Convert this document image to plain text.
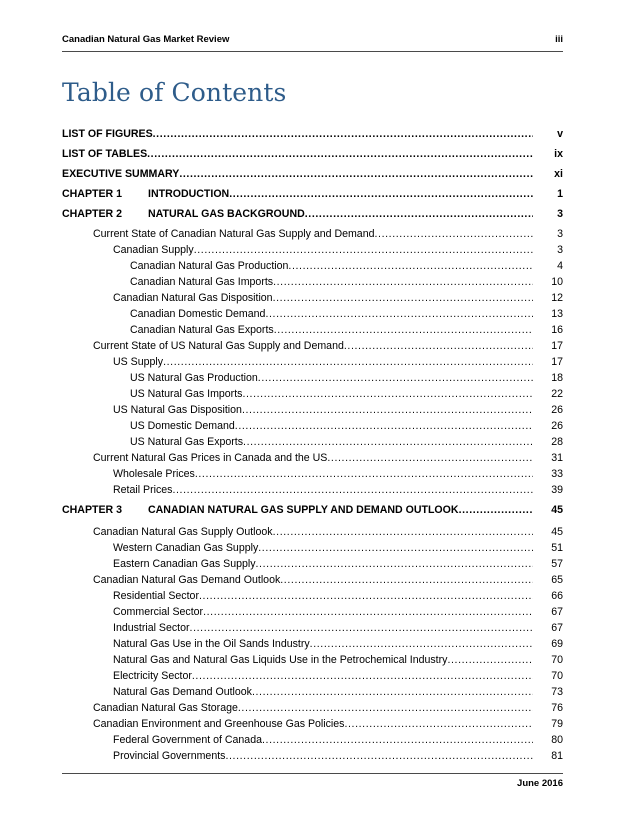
Canadian Natural Gas Market Review	iii
Table of Contents
LIST OF FIGURES .....	v
LIST OF TABLES .....	ix
EXECUTIVE SUMMARY .....	xi
CHAPTER 1	INTRODUCTION .....	1
CHAPTER 2	NATURAL GAS BACKGROUND .....	3
Current State of Canadian Natural Gas Supply and Demand .....	3
Canadian Supply .....	3
Canadian Natural Gas Production .....	4
Canadian Natural Gas Imports .....	10
Canadian Natural Gas Disposition .....	12
Canadian Domestic Demand .....	13
Canadian Natural Gas Exports .....	16
Current State of US Natural Gas Supply and Demand .....	17
US Supply .....	17
US Natural Gas Production .....	18
US Natural Gas Imports .....	22
US Natural Gas Disposition .....	26
US Domestic Demand .....	26
US Natural Gas Exports .....	28
Current Natural Gas Prices in Canada and the US .....	31
Wholesale Prices .....	33
Retail Prices .....	39
CHAPTER 3	CANADIAN NATURAL GAS SUPPLY AND DEMAND OUTLOOK .....	45
Canadian Natural Gas Supply Outlook .....	45
Western Canadian Gas Supply .....	51
Eastern Canadian Gas Supply .....	57
Canadian Natural Gas Demand Outlook .....	65
Residential Sector .....	66
Commercial Sector .....	67
Industrial Sector .....	67
Natural Gas Use in the Oil Sands Industry .....	69
Natural Gas and Natural Gas Liquids Use in the Petrochemical Industry .....	70
Electricity Sector .....	70
Natural Gas Demand Outlook .....	73
Canadian Natural Gas Storage .....	76
Canadian Environment and Greenhouse Gas Policies .....	79
Federal Government of Canada .....	80
Provincial Governments .....	81
June 2016
